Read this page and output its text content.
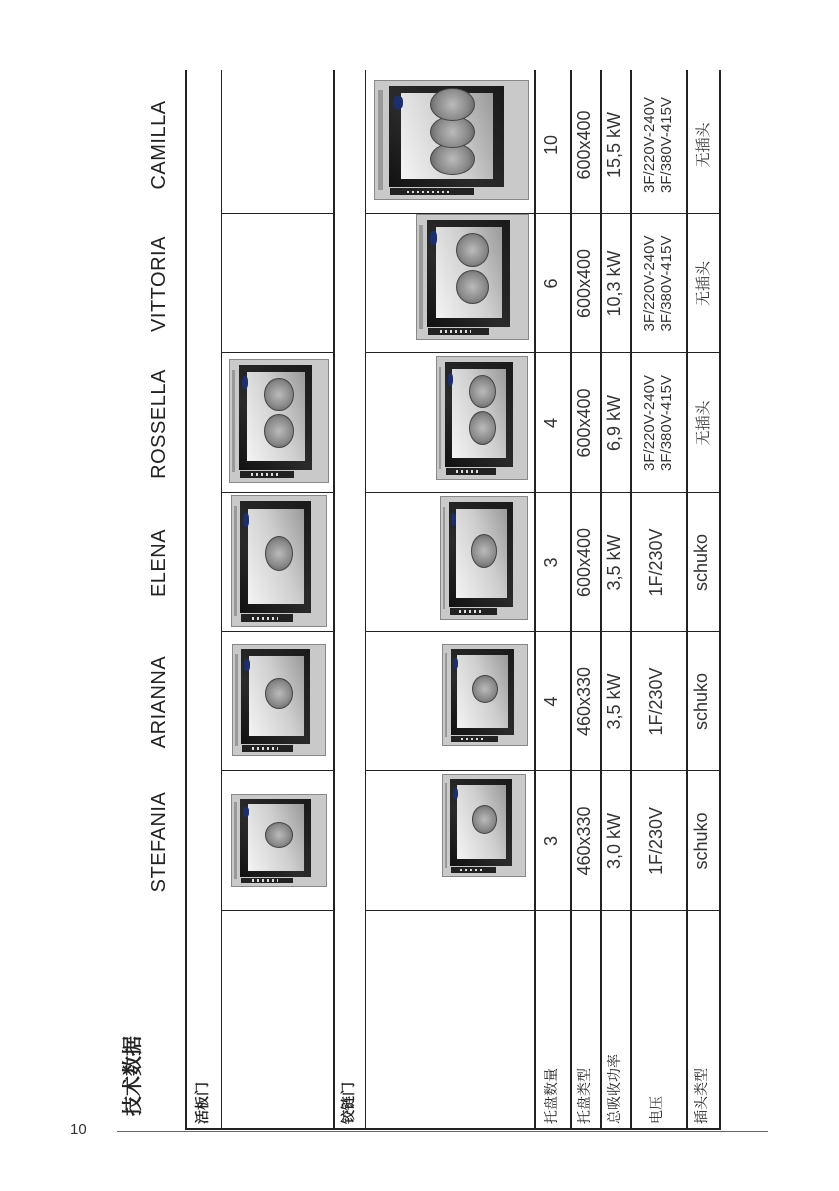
10
技术数据
STEFANIA
ARIANNA
ELENA
ROSSELLA
VITTORIA
CAMILLA
活板门	铰链门	托盘数量 托盘类型 总吸收功率 电压 插头类型
3 460x330 3,0 kW 1F/230V schuko
4 460x330 3,5 kW 1F/230V schuko
3 600x400 3,5 kW 1F/230V schuko
4 600x400 6,9 kW 3F/220V-240V 3F/380V-415V 无插头
6 600x400 10,3 kW 3F/220V-240V 3F/380V-415V 无插头
10 600x400 15,5 kW 3F/220V-240V 3F/380V-415V 无插头
